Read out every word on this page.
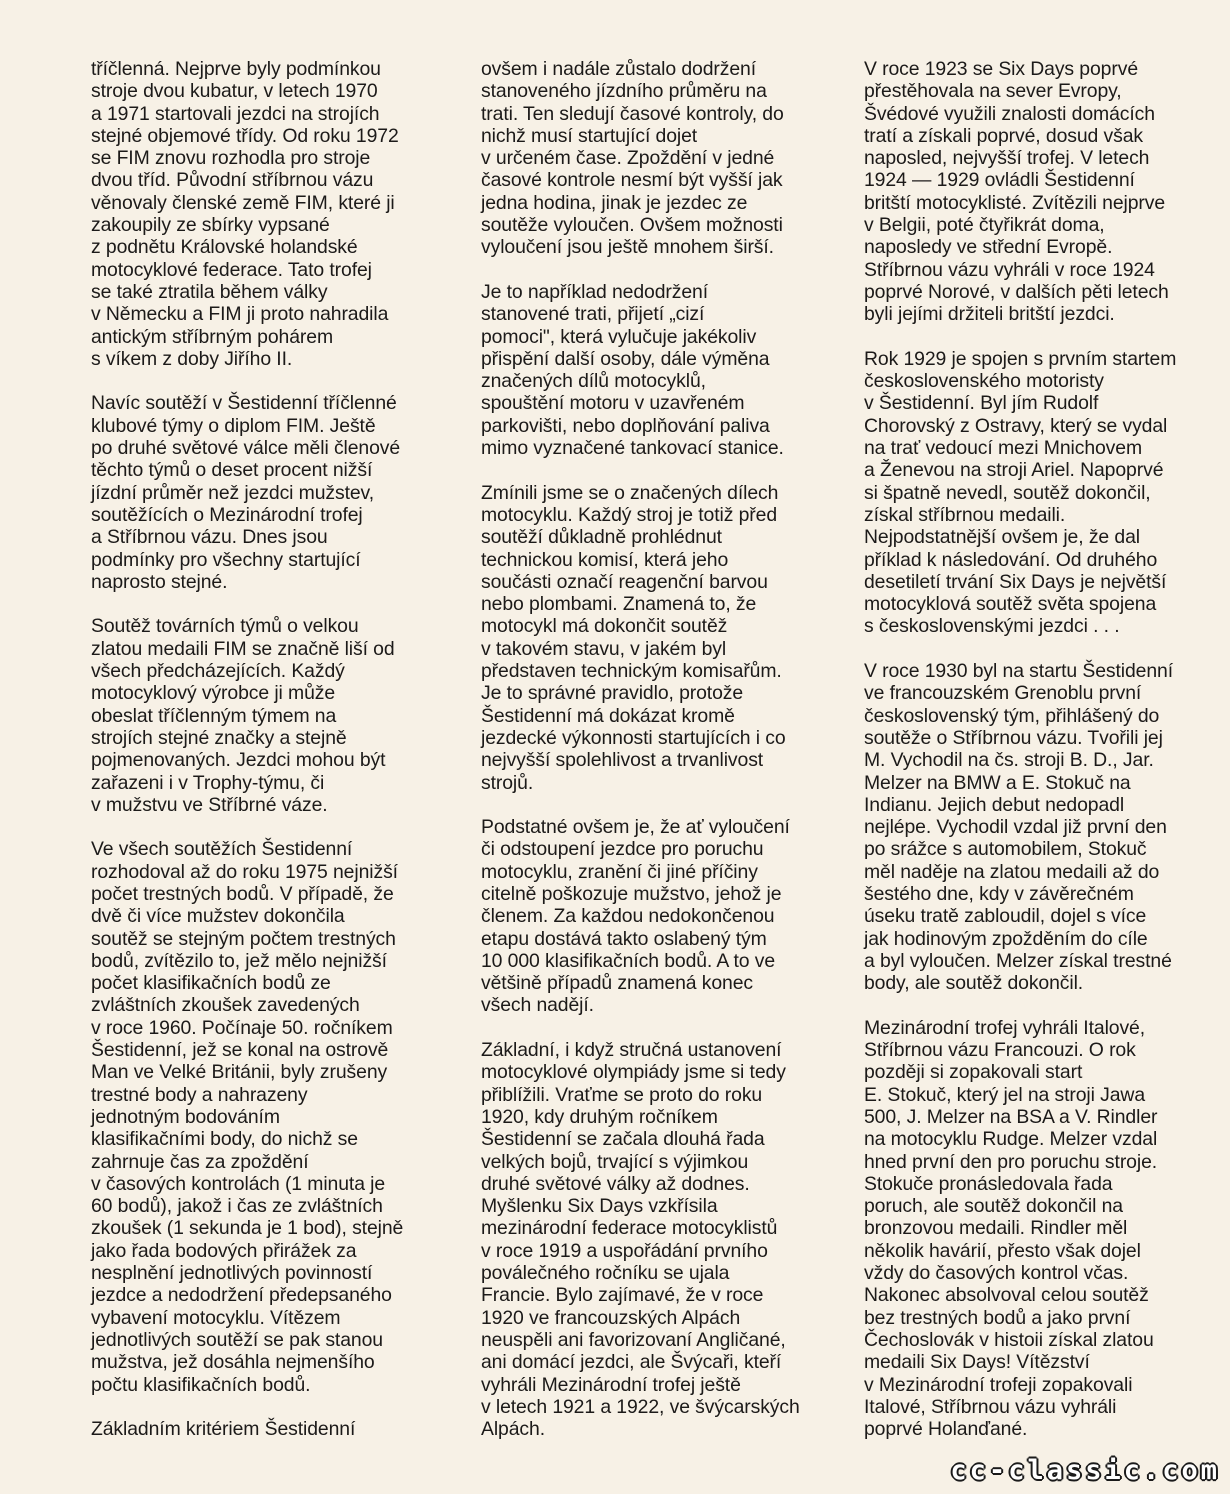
tříčlenná. Nejprve byly podmínkou
stroje dvou kubatur, v letech 1970
a 1971 startovali jezdci na strojích
stejné objemové třídy. Od roku 1972
se FIM znovu rozhodla pro stroje
dvou tříd. Původní stříbrnou vázu
věnovaly členské země FIM, které ji
zakoupily ze sbírky vypsané
z podnětu Královské holandské
motocyklové federace. Tato trofej
se také ztratila během války
v Německu a FIM ji proto nahradila
antickým stříbrným pohárem
s víkem z doby Jiřího II.

Navíc soutěží v Šestidenní tříčlenné
klubové týmy o diplom FIM. Ještě
po druhé světové válce měli členové
těchto týmů o deset procent nižší
jízdní průměr než jezdci mužstev,
soutěžících o Mezinárodní trofej
a Stříbrnou vázu. Dnes jsou
podmínky pro všechny startující
naprosto stejné.

Soutěž továrních týmů o velkou
zlatou medaili FIM se značně liší od
všech předcházejících. Každý
motocyklový výrobce ji může
obeslat tříčlenným týmem na
strojích stejné značky a stejně
pojmenovaných. Jezdci mohou být
zařazeni i v Trophy-týmu, či
v mužstvu ve Stříbrné váze.

Ve všech soutěžích Šestidenní
rozhodoval až do roku 1975 nejnižší
počet trestných bodů. V případě, že
dvě či více mužstev dokončila
soutěž se stejným počtem trestných
bodů, zvítězilo to, jež mělo nejnižší
počet klasifikačních bodů ze
zvláštních zkoušek zavedených
v roce 1960. Počínaje 50. ročníkem
Šestidenní, jež se konal na ostrově
Man ve Velké Británii, byly zrušeny
trestné body a nahrazeny
jednotným bodováním
klasifikačními body, do nichž se
zahrnuje čas za zpoždění
v časových kontrolách (1 minuta je
60 bodů), jakož i čas ze zvláštních
zkoušek (1 sekunda je 1 bod), stejně
jako řada bodových přirážek za
nesplnění jednotlivých povinností
jezdce a nedodržení předepsaného
vybavení motocyklu. Vítězem
jednotlivých soutěží se pak stanou
mužstva, jež dosáhla nejmenšího
počtu klasifikačních bodů.

Základním kritériem Šestidenní

ovšem i nadále zůstalo dodržení
stanoveného jízdního průměru na
trati. Ten sledují časové kontroly, do
nichž musí startující dojet
v určeném čase. Zpoždění v jedné
časové kontrole nesmí být vyšší jak
jedna hodina, jinak je jezdec ze
soutěže vyloučen. Ovšem možnosti
vyloučení jsou ještě mnohem širší.

Je to například nedodržení
stanovené trati, přijetí „cizí
pomoci", která vylučuje jakékoliv
přispění další osoby, dále výměna
značených dílů motocyklů,
spouštění motoru v uzavřeném
parkovišti, nebo doplňování paliva
mimo vyznačené tankovací stanice.

Zmínili jsme se o značených dílech
motocyklu. Každý stroj je totiž před
soutěží důkladně prohlédnut
technickou komisí, která jeho
součásti označí reagenční barvou
nebo plombami. Znamená to, že
motocykl má dokončit soutěž
v takovém stavu, v jakém byl
představen technickým komisařům.
Je to správné pravidlo, protože
Šestidenní má dokázat kromě
jezdecké výkonnosti startujících i co
nejvyšší spolehlivost a trvanlivost
strojů.

Podstatné ovšem je, že ať vyloučení
či odstoupení jezdce pro poruchu
motocyklu, zranění či jiné příčiny
citelně poškozuje mužstvo, jehož je
členem. Za každou nedokončenou
etapu dostává takto oslabený tým
10 000 klasifikačních bodů. A to ve
většině případů znamená konec
všech nadějí.

Základní, i když stručná ustanovení
motocyklové olympiády jsme si tedy
přiblížili. Vraťme se proto do roku
1920, kdy druhým ročníkem
Šestidenní se začala dlouhá řada
velkých bojů, trvající s výjimkou
druhé světové války až dodnes.
Myšlenku Six Days vzkřísila
mezinárodní federace motocyklistů
v roce 1919 a uspořádání prvního
poválečného ročníku se ujala
Francie. Bylo zajímavé, že v roce
1920 ve francouzských Alpách
neuspěli ani favorizovaní Angličané,
ani domácí jezdci, ale Švýcaři, kteří
vyhráli Mezinárodní trofej ještě
v letech 1921 a 1922, ve švýcarských
Alpách.

V roce 1923 se Six Days poprvé
přestěhovala na sever Evropy,
Švédové využili znalosti domácích
tratí a získali poprvé, dosud však
naposled, nejvyšší trofej. V letech
1924 — 1929 ovládli Šestidenní
britští motocyklisté. Zvítězili nejprve
v Belgii, poté čtyřikrát doma,
naposledy ve střední Evropě.
Stříbrnou vázu vyhráli v roce 1924
poprvé Norové, v dalších pěti letech
byli jejími držiteli britští jezdci.

Rok 1929 je spojen s prvním startem
československého motoristy
v Šestidenní. Byl jím Rudolf
Chorovský z Ostravy, který se vydal
na trať vedoucí mezi Mnichovem
a Ženevou na stroji Ariel. Napoprvé
si špatně nevedl, soutěž dokončil,
získal stříbrnou medaili.
Nejpodstatnější ovšem je, že dal
příklad k následování. Od druhého
desetiletí trvání Six Days je největší
motocyklová soutěž světa spojena
s československými jezdci . . .

V roce 1930 byl na startu Šestidenní
ve francouzském Grenoblu první
československý tým, přihlášený do
soutěže o Stříbrnou vázu. Tvořili jej
M. Vychodil na čs. stroji B. D., Jar.
Melzer na BMW a E. Stokuč na
Indianu. Jejich debut nedopadl
nejlépe. Vychodil vzdal již první den
po srážce s automobilem, Stokuč
měl naděje na zlatou medaili až do
šestého dne, kdy v závěrečném
úseku tratě zabloudil, dojel s více
jak hodinovým zpožděním do cíle
a byl vyloučen. Melzer získal trestné
body, ale soutěž dokončil.

Mezinárodní trofej vyhráli Italové,
Stříbrnou vázu Francouzi. O rok
později si zopakovali start
E. Stokuč, který jel na stroji Jawa
500, J. Melzer na BSA a V. Rindler
na motocyklu Rudge. Melzer vzdal
hned první den pro poruchu stroje.
Stokuče pronásledovala řada
poruch, ale soutěž dokončil na
bronzovou medaili. Rindler měl
několik havárií, přesto však dojel
vždy do časových kontrol včas.
Nakonec absolvoval celou soutěž
bez trestných bodů a jako první
Čechoslovák v histoii získal zlatou
medaili Six Days! Vítězství
v Mezinárodní trofeji zopakovali
Italové, Stříbrnou vázu vyhráli
poprvé Holanďané.

cc-classic.com
